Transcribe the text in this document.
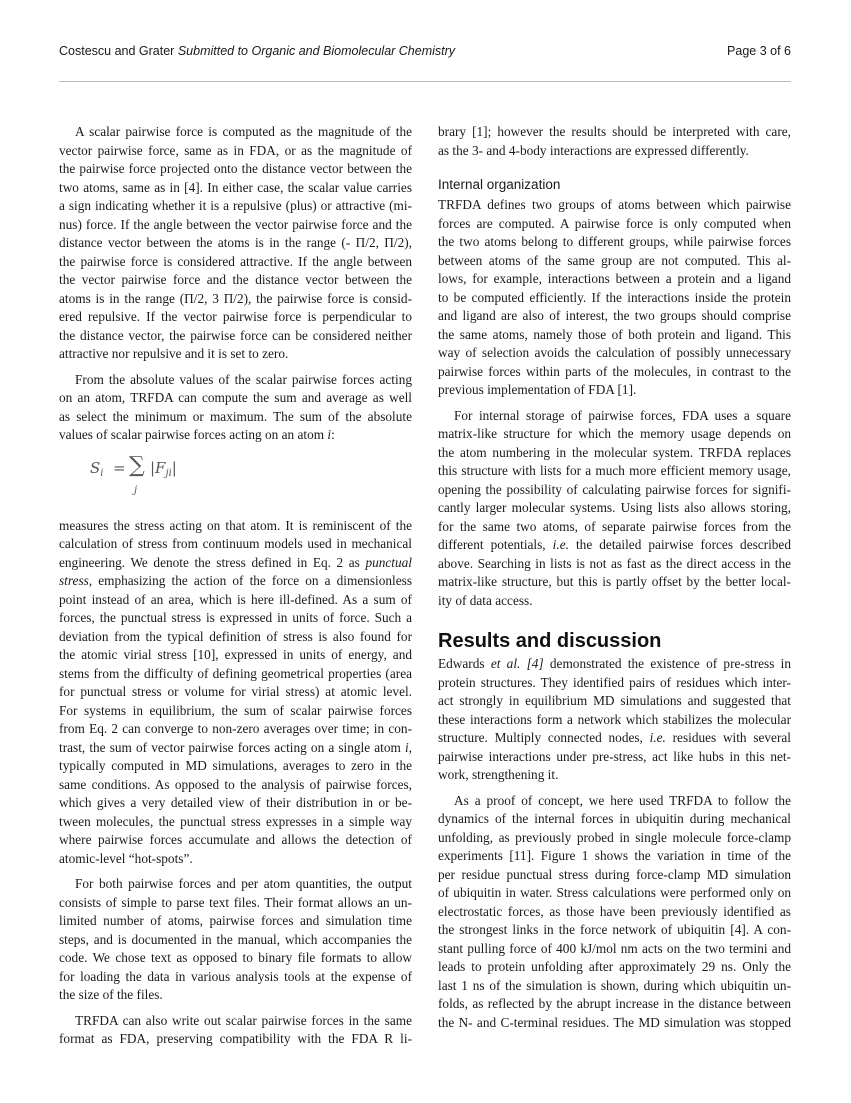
Costescu and Grater Submitted to Organic and Biomolecular Chemistry	Page 3 of 6
A scalar pairwise force is computed as the magnitude of the
vector pairwise force, same as in FDA, or as the magnitude of
the pairwise force projected onto the distance vector between the
two atoms, same as in [4]. In either case, the scalar value carries
a sign indicating whether it is a repulsive (plus) or attractive (mi-
nus) force. If the angle between the vector pairwise force and the
distance vector between the atoms is in the range (- Π/2, Π/2),
the pairwise force is considered attractive. If the angle between
the vector pairwise force and the distance vector between the
atoms is in the range (Π/2, 3 Π/2), the pairwise force is consid-
ered repulsive. If the vector pairwise force is perpendicular to
the distance vector, the pairwise force can be considered neither
attractive nor repulsive and it is set to zero.
From the absolute values of the scalar pairwise forces acting
on an atom, TRFDA can compute the sum and average as well
as select the minimum or maximum. The sum of the absolute
values of scalar pairwise forces acting on an atom i:
$S_i$ = ∑
j
$|F_{ji}|$
measures the stress acting on that atom. It is reminiscent of the
calculation of stress from continuum models used in mechanical
engineering. We denote the stress defined in Eq. 2 as punctual
stress, emphasizing the action of the force on a dimensionless
point instead of an area, which is here ill-defined. As a sum of
forces, the punctual stress is expressed in units of force. Such a
deviation from the typical definition of stress is also found for
the atomic virial stress [10], expressed in units of energy, and
stems from the difficulty of defining geometrical properties (area
for punctual stress or volume for virial stress) at atomic level.
For systems in equilibrium, the sum of scalar pairwise forces
from Eq. 2 can converge to non-zero averages over time; in con-
trast, the sum of vector pairwise forces acting on a single atom i,
typically computed in MD simulations, averages to zero in the
same conditions. As opposed to the analysis of pairwise forces,
which gives a very detailed view of their distribution in or be-
tween molecules, the punctual stress expresses in a simple way
where pairwise forces accumulate and allows the detection of
atomic-level “hot-spots”.
For both pairwise forces and per atom quantities, the output
consists of simple to parse text files. Their format allows an un-
limited number of atoms, pairwise forces and simulation time
steps, and is documented in the manual, which accompanies the
code. We chose text as opposed to binary file formats to allow
for loading the data in various analysis tools at the expense of
the size of the files.
TRFDA can also write out scalar pairwise forces in the same
format as FDA, preserving compatibility with the FDA R li-
brary [1]; however the results should be interpreted with care,
as the 3- and 4-body interactions are expressed differently.
Internal organization
TRFDA defines two groups of atoms between which pairwise
forces are computed. A pairwise force is only computed when
the two atoms belong to different groups, while pairwise forces
between atoms of the same group are not computed. This al-
lows, for example, interactions between a protein and a ligand
to be computed efficiently. If the interactions inside the protein
and ligand are also of interest, the two groups should comprise
the same atoms, namely those of both protein and ligand. This
way of selection avoids the calculation of possibly unnecessary
pairwise forces within parts of the molecules, in contrast to the
previous implementation of FDA [1].
For internal storage of pairwise forces, FDA uses a square
matrix-like structure for which the memory usage depends on
the atom numbering in the molecular system. TRFDA replaces
this structure with lists for a much more efficient memory usage,
opening the possibility of calculating pairwise forces for signifi-
cantly larger molecular systems. Using lists also allows storing,
for the same two atoms, of separate pairwise forces from the
different potentials, i.e. the detailed pairwise forces described
above. Searching in lists is not as fast as the direct access in the
matrix-like structure, but this is partly offset by the better local-
ity of data access.
Results and discussion
Edwards et al. [4] demonstrated the existence of pre-stress in
protein structures. They identified pairs of residues which inter-
act strongly in equilibrium MD simulations and suggested that
these interactions form a network which stabilizes the molecular
structure. Multiply connected nodes, i.e. residues with several
pairwise interactions under pre-stress, act like hubs in this net-
work, strengthening it.
As a proof of concept, we here used TRFDA to follow the
dynamics of the internal forces in ubiquitin during mechanical
unfolding, as previously probed in single molecule force-clamp
experiments [11]. Figure 1 shows the variation in time of the
per residue punctual stress during force-clamp MD simulation
of ubiquitin in water. Stress calculations were performed only on
electrostatic forces, as those have been previously identified as
the strongest links in the force network of ubiquitin [4]. A con-
stant pulling force of 400 kJ/mol nm acts on the two termini and
leads to protein unfolding after approximately 29 ns. Only the
last 1 ns of the simulation is shown, during which ubiquitin un-
folds, as reflected by the abrupt increase in the distance between
the N- and C-terminal residues. The MD simulation was stopped
